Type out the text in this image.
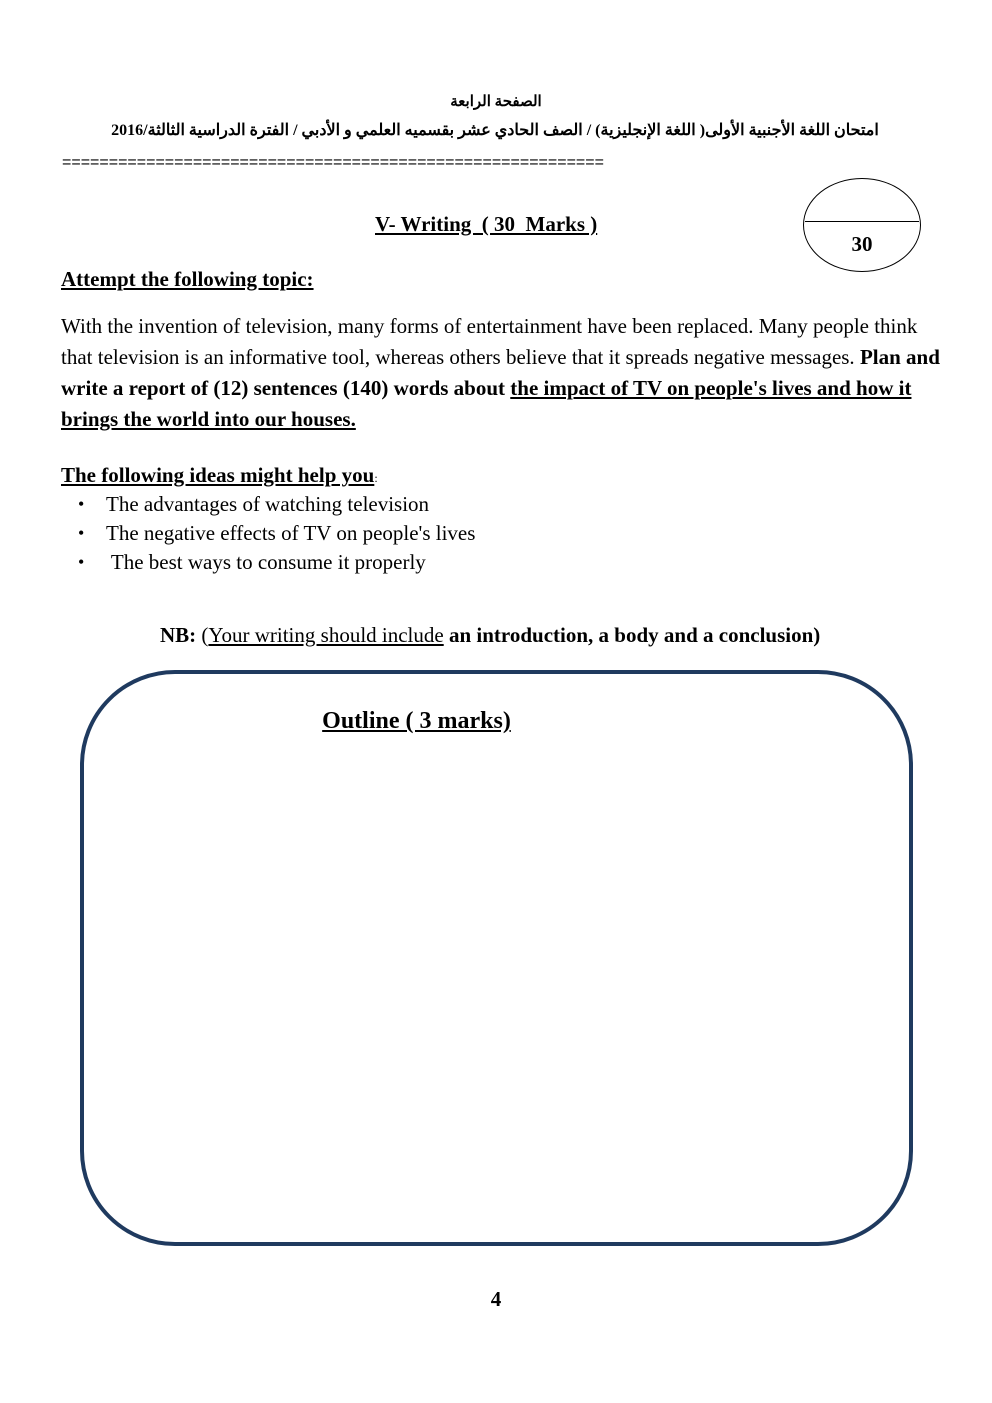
الصفحة الرابعة
امتحان اللغة الأجنبية الأولى( اللغة الإنجليزية) / الصف الحادي عشر بقسميه العلمي و الأدبي / الفترة الدراسية الثالثة/2016
==========================================================
V- Writing  ( 30  Marks )
30
Attempt the following topic:
With the invention of television, many forms of entertainment have been replaced. Many people think that television is an informative tool, whereas others believe that it spreads negative messages. Plan and write a report of (12) sentences (140) words about the impact of TV on people's lives and how it brings the world into our houses.
The following ideas might help you:
• The advantages of watching television
• The negative effects of TV on people's lives
• The best ways to consume it properly
NB: (Your writing should include an introduction, a body and a conclusion)
Outline ( 3 marks)
4
